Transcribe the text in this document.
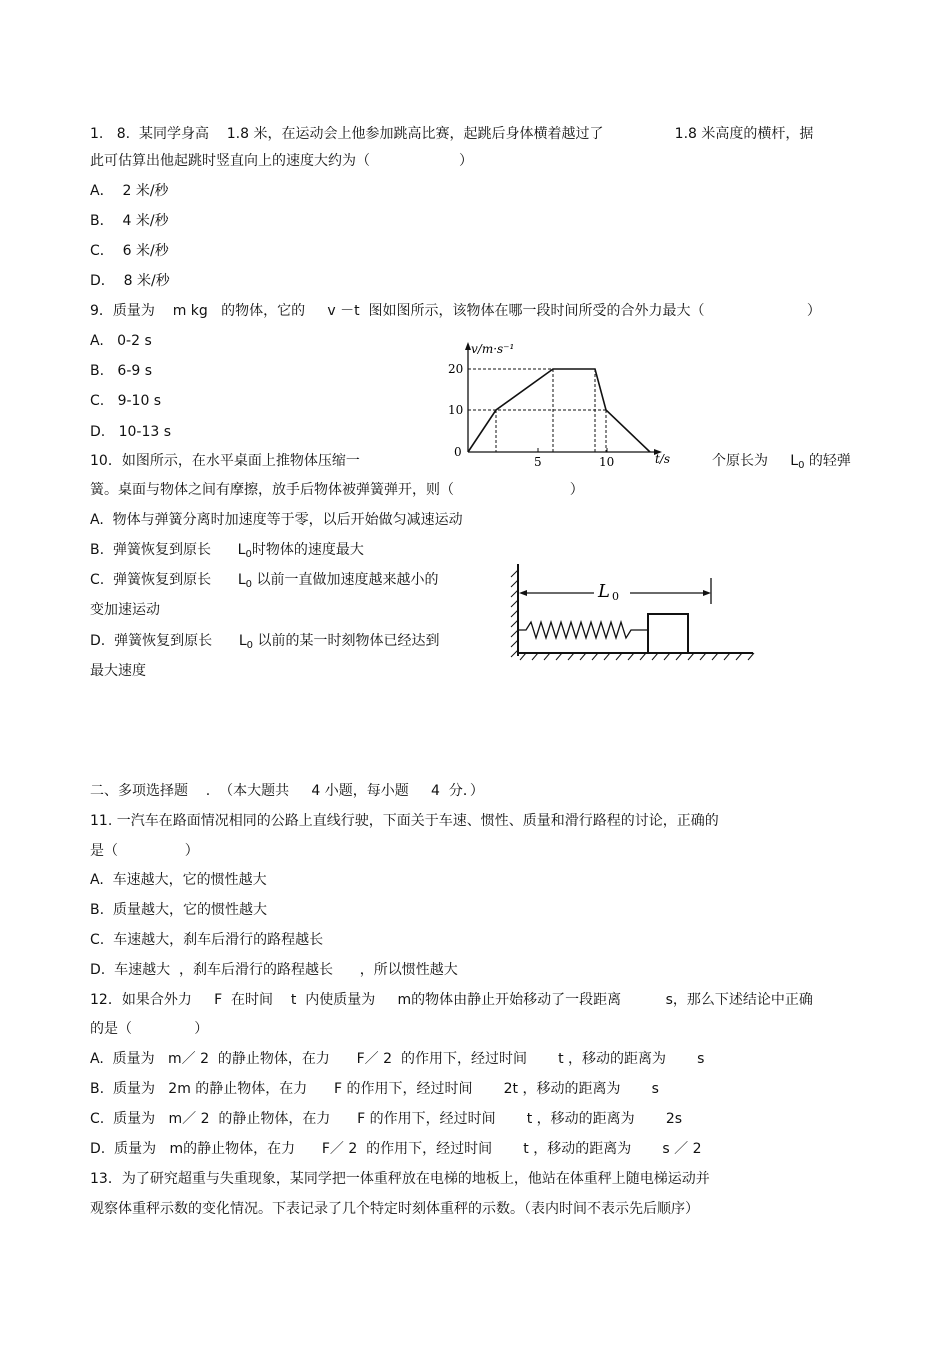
1.   8.  某同学身高    1.8 米，在运动会上他参加跳高比赛，起跳后身体横着越过了                1.8 米高度的横杆，据
此可估算出他起跳时竖直向上的速度大约为（                    ）
A．  2 米/秒
B．  4 米/秒
C．  6 米/秒
D．  8 米/秒
9．质量为    m kg   的物体，它的     v －t  图如图所示，该物体在哪一段时间所受的合外力最大（                       ）
A.   0-2 s
B.   6-9 s
C.   9-10 s
D.   10-13 s
v/m·s⁻¹
20
10
0
5	10	t/s
10．如图所示，在水平桌面上推物体压缩一	个原长为     $L_0$ 的轻弹
簧。桌面与物体之间有摩擦，放手后物体被弹簧弹开，则（                          ）
A.  物体与弹簧分离时加速度等于零，以后开始做匀减速运动
B.  弹簧恢复到原长      $L_0$时物体的速度最大
C.  弹簧恢复到原长      $L_0$ 以前一直做加速度越来越小的
变加速运动
D.  弹簧恢复到原长      $L_0$ 以前的某一时刻物体已经达到
最大速度
L 0
二、多项选择题    .  （本大题共     4 小题，每小题     4  分．）
11. 一汽车在路面情况相同的公路上直线行驶，下面关于车速、惯性、质量和滑行路程的讨论，正确的
是（               ）
A.  车速越大，它的惯性越大
B.  质量越大，它的惯性越大
C.  车速越大，刹车后滑行的路程越长
D.  车速越大  ，刹车后滑行的路程越长      ，所以惯性越大
12．如果合外力     F  在时间    t  内使质量为     m的物体由静止开始移动了一段距离          s，那么下述结论中正确
的是（              ）
A.  质量为   m／ 2  的静止物体，在力      F／ 2  的作用下，经过时间       t ，移动的距离为       s
B.  质量为   2m 的静止物体，在力      F 的作用下，经过时间       2t ，移动的距离为       s
C.  质量为   m／ 2  的静止物体，在力      F 的作用下，经过时间       t ，移动的距离为       2s
D.  质量为   m的静止物体，在力      F／ 2  的作用下，经过时间       t ，移动的距离为       s ／ 2
13．为了研究超重与失重现象，某同学把一体重秤放在电梯的地板上，他站在体重秤上随电梯运动并
观察体重秤示数的变化情况。下表记录了几个特定时刻体重秤的示数。（表内时间不表示先后顺序）
